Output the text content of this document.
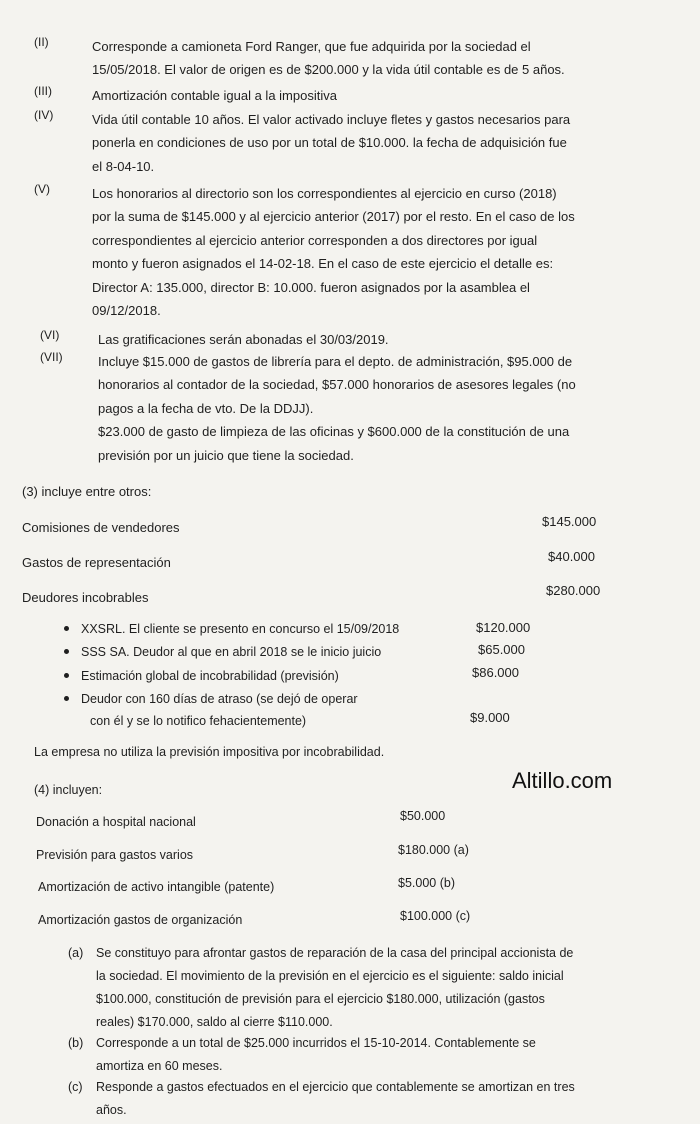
(II)	Corresponde a camioneta Ford Ranger, que fue adquirida por la sociedad el

15/05/2018. El valor de origen es de $200.000 y la vida útil contable es de 5 años.

(III)	Amortización contable igual a la impositiva

(IV)	Vida útil contable 10 años. El valor activado incluye fletes y gastos necesarios para

ponerla en condiciones de uso por un total de $10.000. la fecha de adquisición fue

el 8-04-10.

(V)	Los honorarios al directorio son los correspondientes al ejercicio en curso (2018)

por la suma de $145.000 y al ejercicio anterior (2017) por el resto. En el caso de los

correspondientes al ejercicio anterior corresponden a dos directores por igual

monto y fueron asignados el 14-02-18. En el caso de este ejercicio el detalle es:

Director A: 135.000, director B: 10.000. fueron asignados por la asamblea el

09/12/2018.

(VI)	Las gratificaciones serán abonadas el 30/03/2019.

(VII)	Incluye $15.000 de gastos de librería para el depto. de administración, $95.000 de

honorarios al contador de la sociedad, $57.000 honorarios de asesores legales (no

pagos a la fecha de vto. De la DDJJ).

$23.000 de gasto de limpieza de las oficinas y $600.000 de la constitución de una

previsión por un juicio que tiene la sociedad.

(3) incluye entre otros:
Comisiones de vendedores	$145.000
Gastos de representación	$40.000
Deudores incobrables	$280.000
XXSRL. El cliente se presento en concurso el 15/09/2018	$120.000
SSS SA. Deudor al que en abril 2018 se le inicio juicio	$65.000
Estimación global de incobrabilidad (previsión)	$86.000
Deudor con 160 días de atraso (se dejó de operar
con él y se lo notifico fehacientemente)	$9.000
La empresa no utiliza la previsión impositiva por incobrabilidad.
Altillo.com
(4) incluyen:
Donación a hospital nacional	$50.000
Previsión para gastos varios	$180.000 (a)
Amortización de activo intangible (patente)	$5.000 (b)
Amortización gastos de organización	$100.000 (c)
(a)	Se constituyo para afrontar gastos de reparación de la casa del principal accionista de

la sociedad. El movimiento de la previsión en el ejercicio es el siguiente: saldo inicial

$100.000, constitución de previsión para el ejercicio $180.000, utilización (gastos

reales) $170.000, saldo al cierre $110.000.

(b)	Corresponde a un total de $25.000 incurridos el 15-10-2014. Contablemente se

amortiza en 60 meses.

(c)	Responde a gastos efectuados en el ejercicio que contablemente se amortizan en tres

años.
